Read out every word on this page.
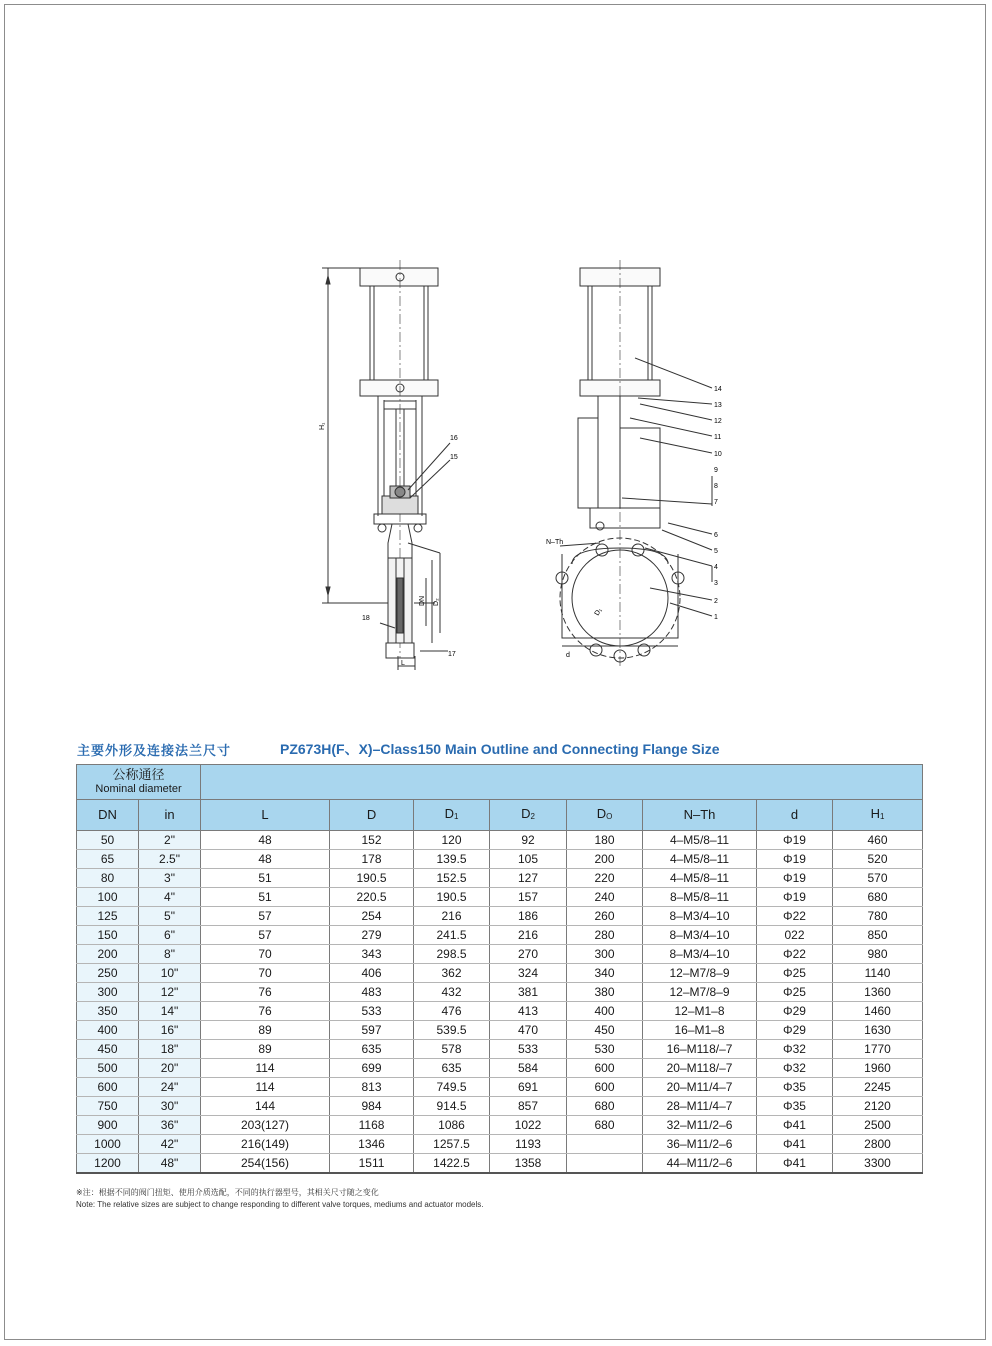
16
15
18
17
H₁
DN D₂
L
N–Th
D₁
d
14
13
12
11
10
9
8
7
6
5
4
3
2
1
主要外形及连接法兰尺寸	PZ673H(F、X)–Class150 Main Outline and Connecting Flange Size
公称通径
Nominal diameter									

DN	in	L	D	D1	D2	DO	N–Th	d	H1
50	2"	48	152	120	92	180	4–M5/8–11	Φ19	460
65	2.5"	48	178	139.5	105	200	4–M5/8–11	Φ19	520
80	3"	51	190.5	152.5	127	220	4–M5/8–11	Φ19	570
100	4"	51	220.5	190.5	157	240	8–M5/8–11	Φ19	680
125	5"	57	254	216	186	260	8–M3/4–10	Φ22	780
150	6"	57	279	241.5	216	280	8–M3/4–10	022	850
200	8"	70	343	298.5	270	300	8–M3/4–10	Φ22	980
250	10"	70	406	362	324	340	12–M7/8–9	Φ25	1140
300	12"	76	483	432	381	380	12–M7/8–9	Φ25	1360
350	14"	76	533	476	413	400	12–M1–8	Φ29	1460
400	16"	89	597	539.5	470	450	16–M1–8	Φ29	1630
450	18"	89	635	578	533	530	16–M118/–7	Φ32	1770
500	20"	114	699	635	584	600	20–M118/–7	Φ32	1960
600	24"	114	813	749.5	691	600	20–M11/4–7	Φ35	2245
750	30"	144	984	914.5	857	680	28–M11/4–7	Φ35	2120
900	36"	203(127)	1168	1086	1022	680	32–M11/2–6	Φ41	2500
1000	42"	216(149)	1346	1257.5	1193		36–M11/2–6	Φ41	2800
1200	48"	254(156)	1511	1422.5	1358		44–M11/2–6	Φ41	3300
※注：根据不同的阀门扭矩、使用介质选配，不同的执行器型号，其相关尺寸随之变化
Note: The relative sizes are subject to change responding to different valve torques, mediums and actuator models.
